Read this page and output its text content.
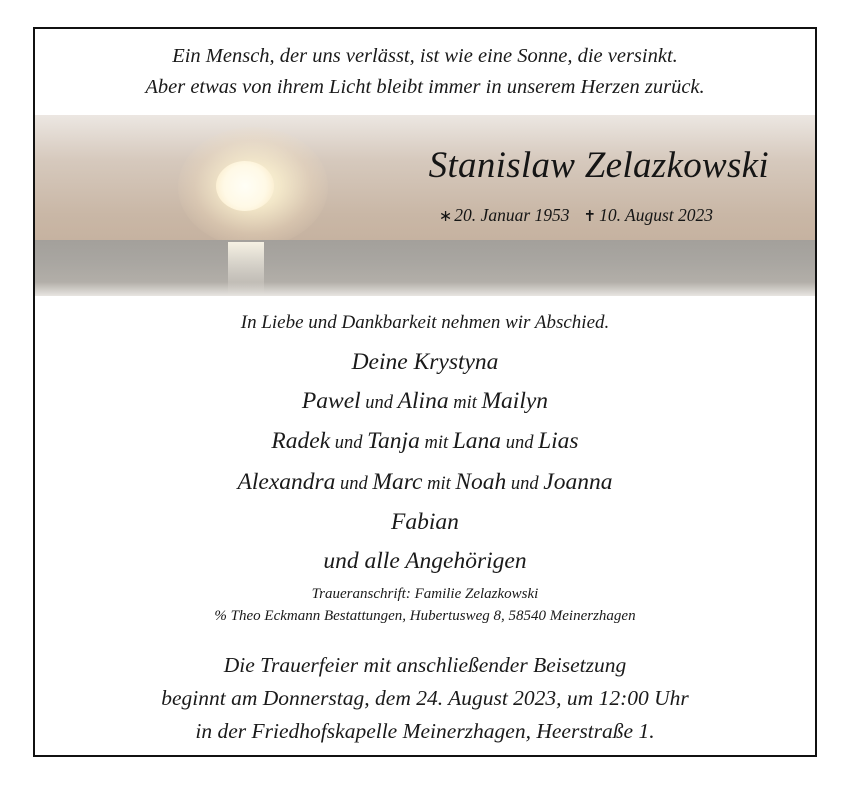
Ein Mensch, der uns verlässt, ist wie eine Sonne, die versinkt.
Aber etwas von ihrem Licht bleibt immer in unserem Herzen zurück.
Stanislaw Zelazkowski
∗ 20. Januar 1953 ✝ 10. August 2023
In Liebe und Dankbarkeit nehmen wir Abschied.
Deine Krystyna
Pawel und Alina mit Mailyn
Radek und Tanja mit Lana und Lias
Alexandra und Marc mit Noah und Joanna
Fabian
und alle Angehörigen
Traueranschrift: Familie Zelazkowski
% Theo Eckmann Bestattungen, Hubertusweg 8, 58540 Meinerzhagen
Die Trauerfeier mit anschließender Beisetzung
beginnt am Donnerstag, dem 24. August 2023, um 12:00 Uhr
in der Friedhofskapelle Meinerzhagen, Heerstraße 1.
